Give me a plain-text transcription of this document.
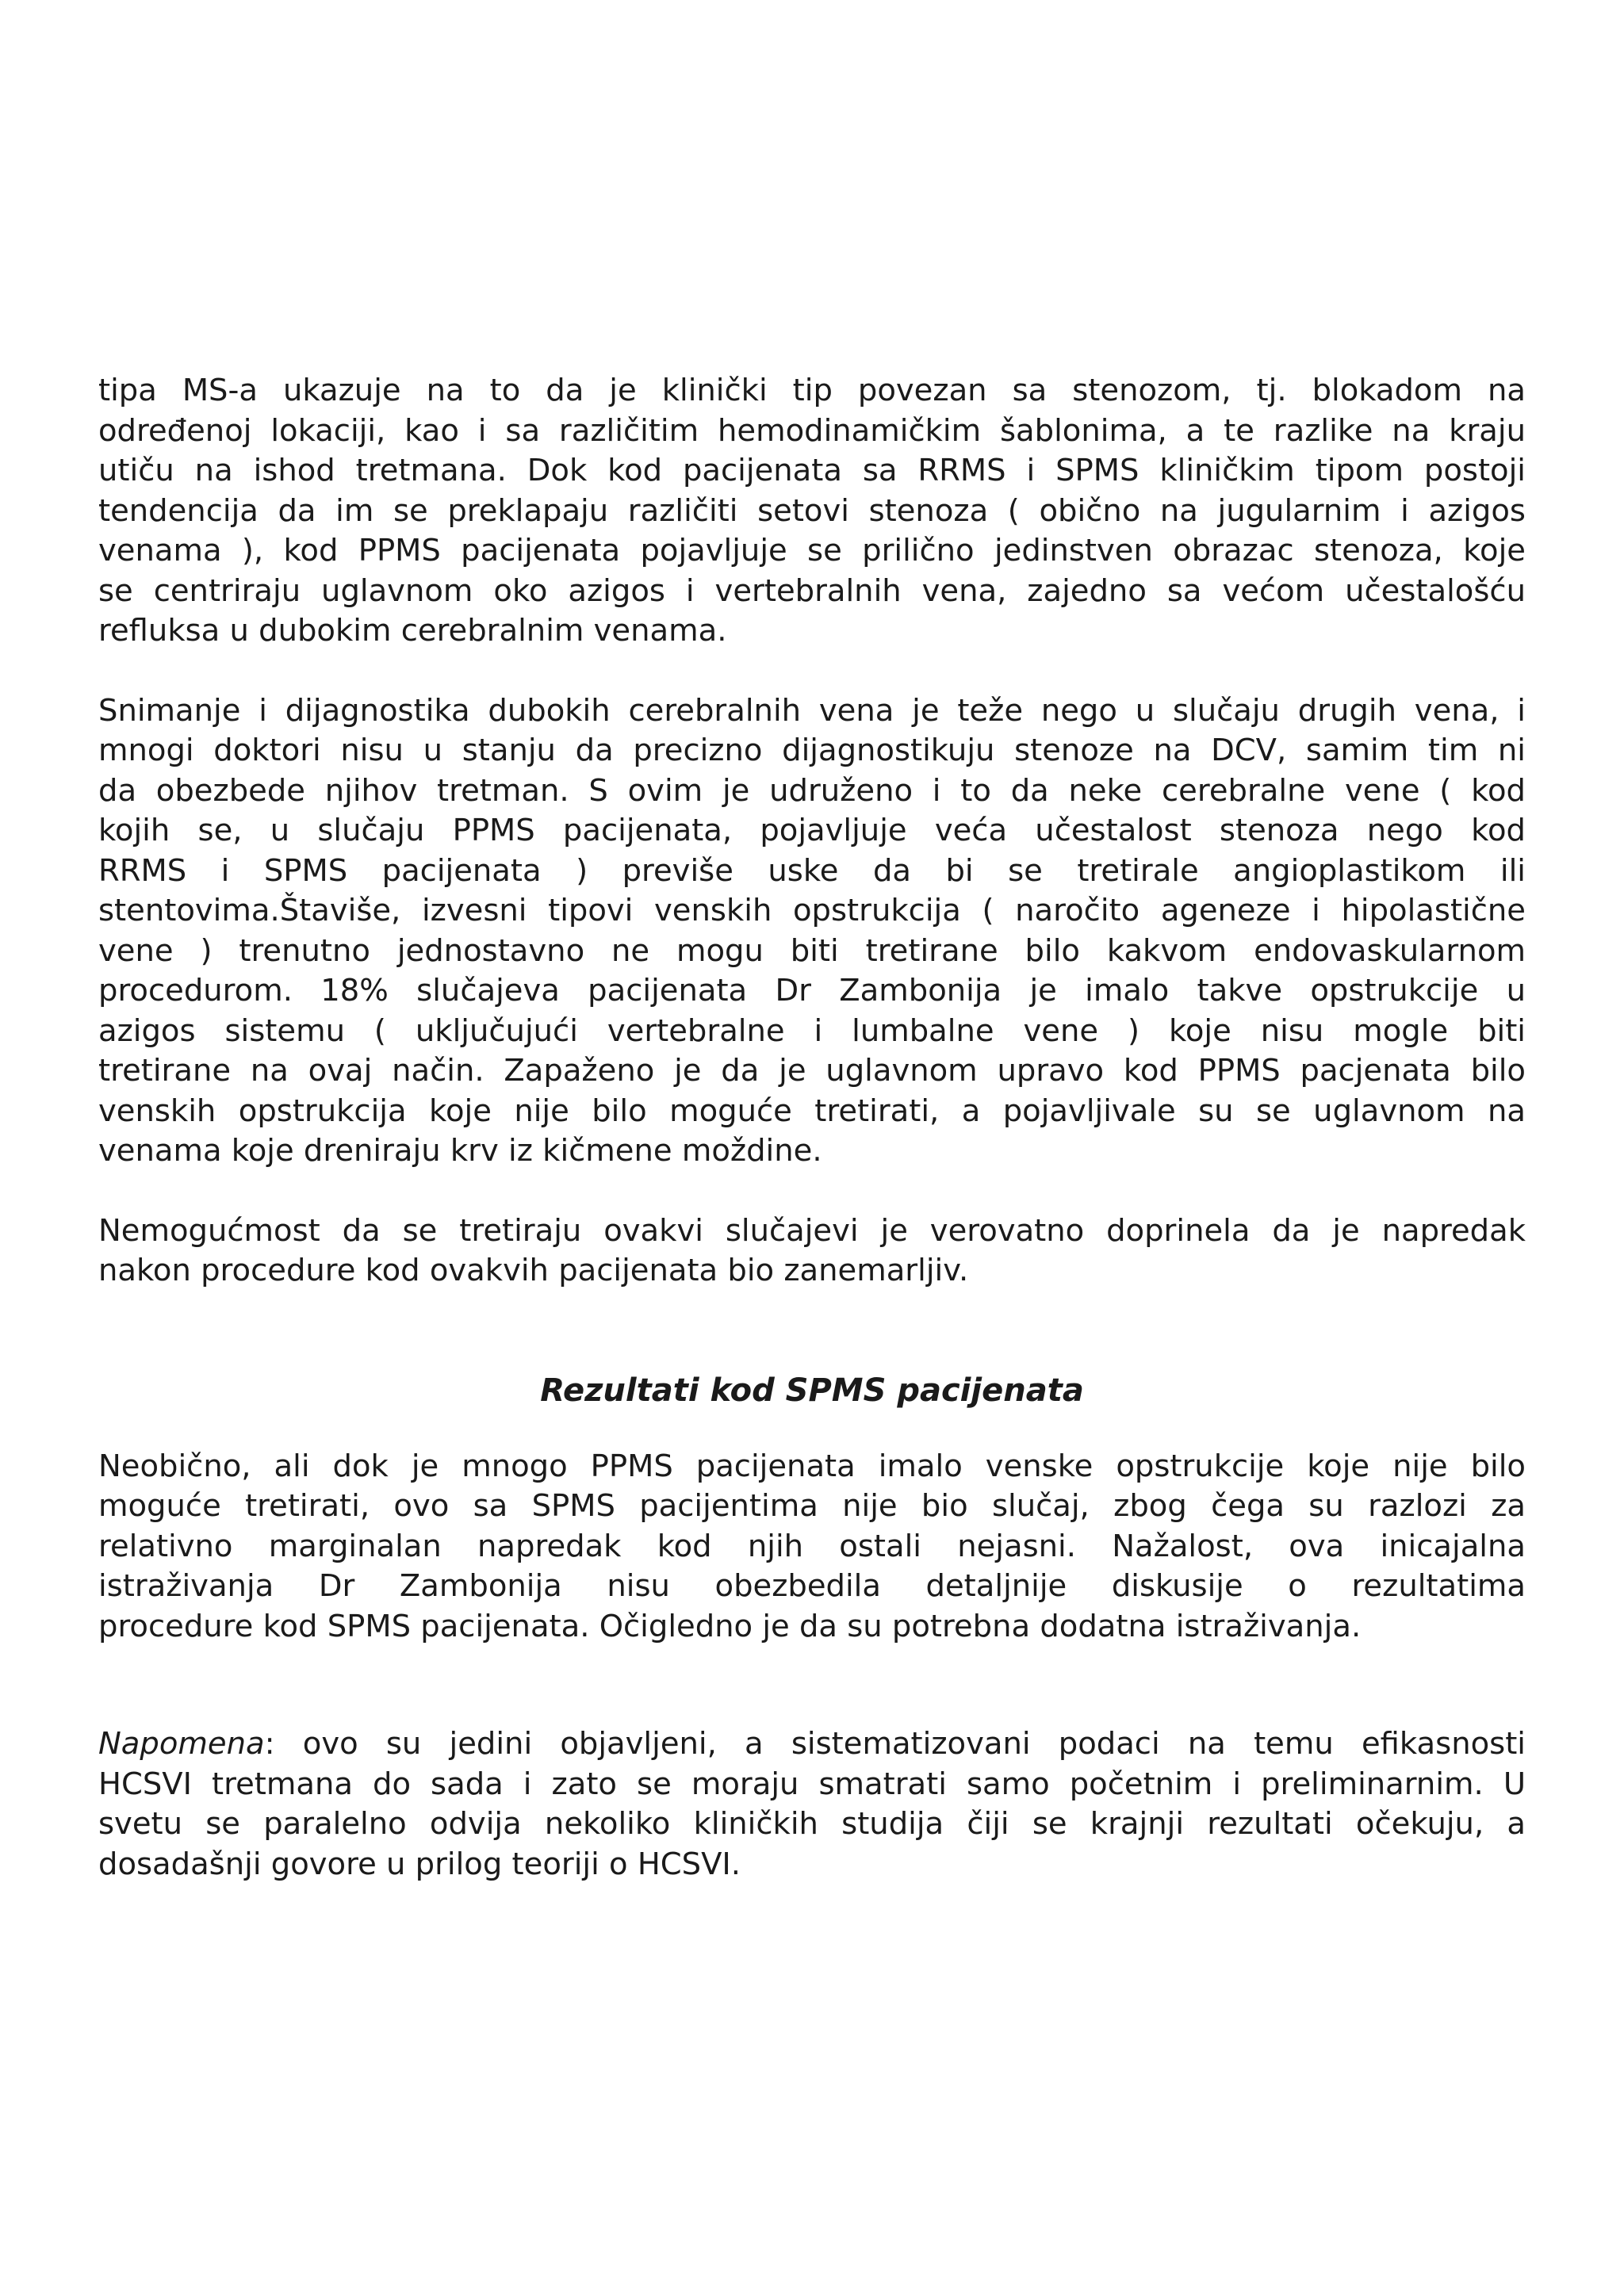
tipa MS-a ukazuje na to da je klinički tip povezan sa stenozom, tj. blokadom na
određenoj lokaciji, kao i sa različitim hemodinamičkim šablonima, a te razlike na kraju
utiču na ishod tretmana. Dok kod pacijenata sa RRMS i SPMS kliničkim tipom postoji
tendencija da im se preklapaju različiti setovi stenoza ( obično na jugularnim i azigos
venama ), kod PPMS pacijenata pojavljuje se prilično jedinstven obrazac stenoza, koje
se centriraju uglavnom oko azigos i vertebralnih vena, zajedno sa većom učestalošću
refluksa u dubokim cerebralnim venama.

Snimanje i dijagnostika dubokih cerebralnih vena je teže nego u slučaju drugih vena, i
mnogi doktori nisu u stanju da precizno dijagnostikuju stenoze na DCV, samim tim ni
da obezbede njihov tretman. S ovim je udruženo i to da neke cerebralne vene ( kod
kojih se, u slučaju PPMS pacijenata, pojavljuje veća učestalost stenoza nego kod
RRMS i SPMS pacijenata ) previše uske da bi se tretirale angioplastikom ili
stentovima.Štaviše, izvesni tipovi venskih opstrukcija ( naročito ageneze i hipolastične
vene ) trenutno jednostavno ne mogu biti tretirane bilo kakvom endovaskularnom
procedurom. 18% slučajeva pacijenata Dr Zambonija je imalo takve opstrukcije u
azigos sistemu ( uključujući vertebralne i lumbalne vene ) koje nisu mogle biti
tretirane na ovaj način. Zapaženo je da je uglavnom upravo kod PPMS pacjenata bilo
venskih opstrukcija koje nije bilo moguće tretirati, a pojavljivale su se uglavnom na
venama koje dreniraju krv iz kičmene moždine.

Nemogućmost da se tretiraju ovakvi slučajevi je verovatno doprinela da je napredak
nakon procedure kod ovakvih pacijenata bio zanemarljiv.

Rezultati kod SPMS pacijenata

Neobično, ali dok je mnogo PPMS pacijenata imalo venske opstrukcije koje nije bilo
moguće tretirati, ovo sa SPMS pacijentima nije bio slučaj, zbog čega su razlozi za
relativno marginalan napredak kod njih ostali nejasni. Nažalost, ova inicajalna
istraživanja Dr Zambonija nisu obezbedila detaljnije diskusije o rezultatima
procedure kod SPMS pacijenata. Očigledno je da su potrebna dodatna istraživanja.

Napomena: ovo su jedini objavljeni, a sistematizovani podaci na temu efikasnosti
HCSVI tretmana do sada i zato se moraju smatrati samo početnim i preliminarnim. U
svetu se paralelno odvija nekoliko kliničkih studija čiji se krajnji rezultati očekuju, a
dosadašnji govore u prilog teoriji o HCSVI.
